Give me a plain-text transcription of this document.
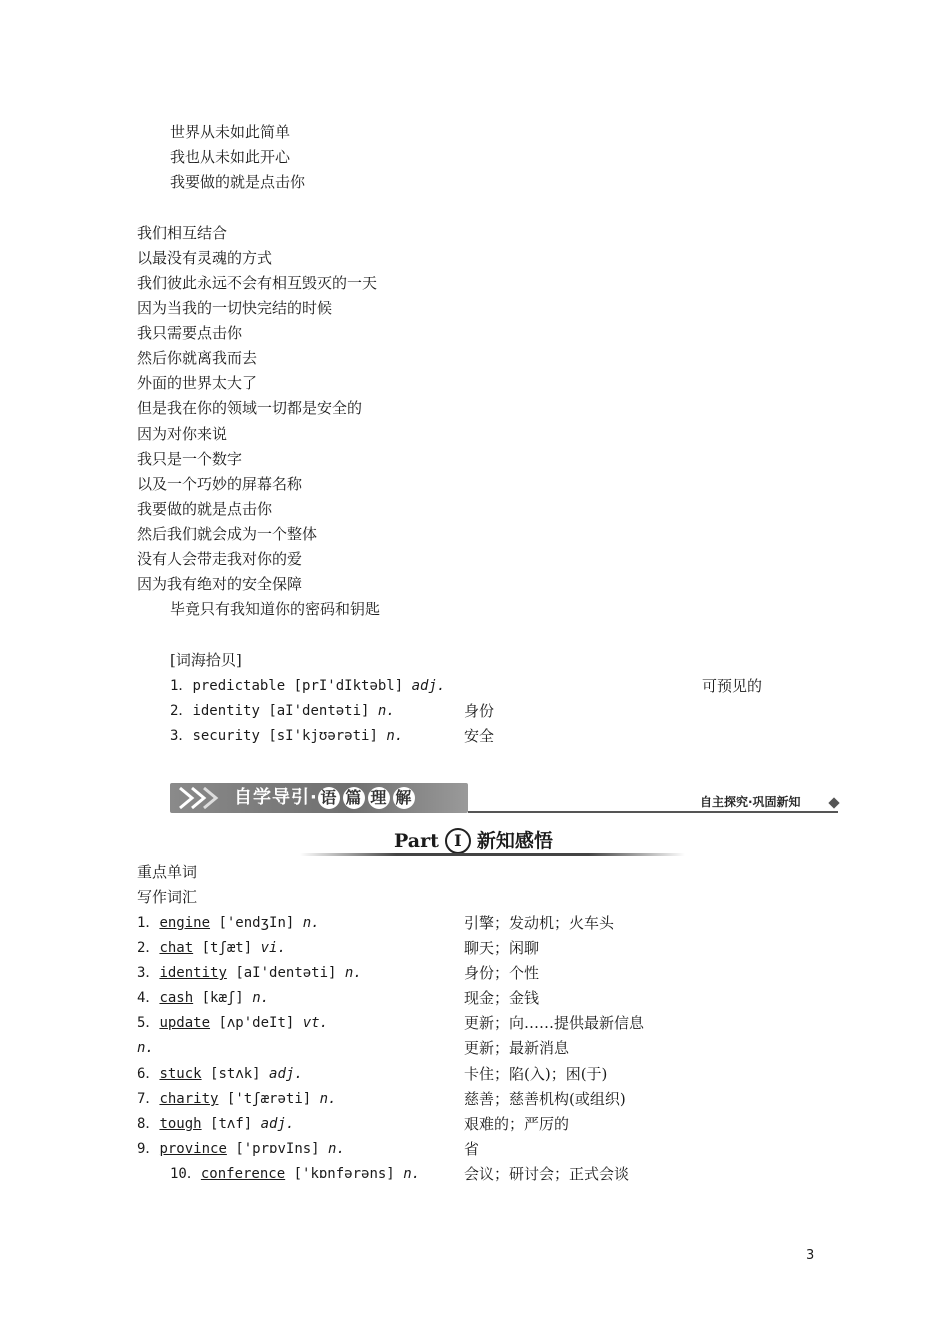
世界从未如此简单
我也从未如此开心
我要做的就是点击你
我们相互结合
以最没有灵魂的方式
我们彼此永远不会有相互毁灭的一天
因为当我的一切快完结的时候
我只需要点击你
然后你就离我而去
外面的世界太大了
但是我在你的领域一切都是安全的
因为对你来说
我只是一个数字
以及一个巧妙的屏幕名称
我要做的就是点击你
然后我们就会成为一个整体
没有人会带走我对你的爱
因为我有绝对的安全保障
毕竟只有我知道你的密码和钥匙
[词海拾贝]
1．predictable [prI'dIktəbl] adj.	可预见的
2．identity [aI'dentəti] n.	身份
3．security [sI'kjʊərəti] n.	安全
自学导引· 语 篇 理 解	自主探究·巩固新知
Part I 新知感悟
重点单词
写作词汇
1．engine ['endʒIn] n.	引擎；发动机；火车头
2．chat [tʃæt] vi.	聊天；闲聊
3．identity [aI'dentəti] n.	身份；个性
4．cash [kæʃ] n.	现金；金钱
5．update [ʌp'deIt] vt.	更新；向……提供最新信息
n.	更新；最新消息
6．stuck [stʌk] adj.	卡住；陷(入)；困(于)
7．charity ['tʃærəti] n.	慈善；慈善机构(或组织)
8．tough [tʌf] adj.	艰难的；严厉的
9．province ['prɒvIns] n.	省
10．conference ['kɒnfərəns] n.	会议；研讨会；正式会谈
3
